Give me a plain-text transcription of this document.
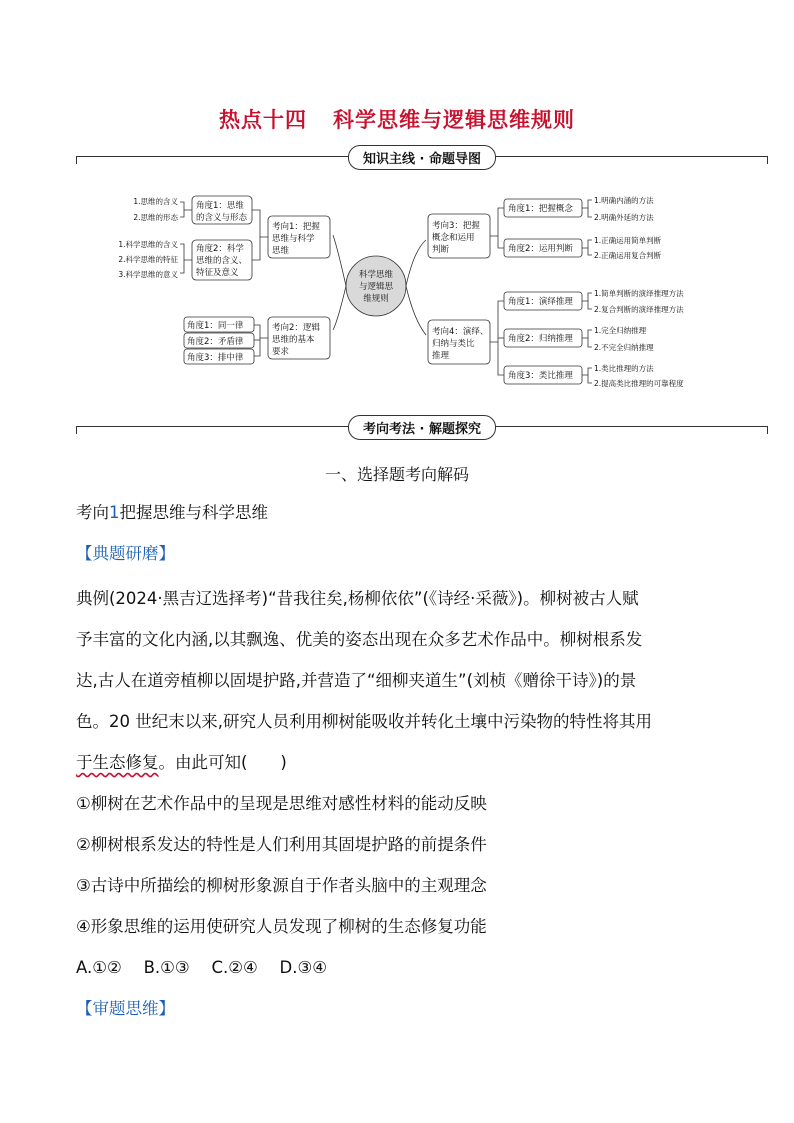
热点十四 科学思维与逻辑思维规则
知识主线 · 命题导图
科学思维
与逻辑思
维规则
考向1：把握
思维与科学
思维
考向2：逻辑
思维的基本
要求
考向3：把握
概念和运用
判断
考向4：演绎、
归纳与类比
推理
角度1：思维
的含义与形态
角度2：科学
思维的含义、
特征及意义
角度1：同一律
角度2：矛盾律
角度3：排中律
角度1：把握概念
角度2：运用判断
角度1：演绎推理
角度2：归纳推理
角度3：类比推理
1.思维的含义
2.思维的形态
1.科学思维的含义
2.科学思维的特征
3.科学思维的意义
1.明确内涵的方法
2.明确外延的方法
1.正确运用简单判断
2.正确运用复合判断
1.简单判断的演绎推理方法
2.复合判断的演绎推理方法
1.完全归纳推理
2.不完全归纳推理
1.类比推理的方法
2.提高类比推理的可靠程度
考向考法 · 解题探究
一、选择题考向解码
考向1把握思维与科学思维
【典题研磨】
典例(2024·黑吉辽选择考)“昔我往矣,杨柳依依”(《诗经·采薇》)。柳树被古人赋
予丰富的文化内涵,以其飘逸、优美的姿态出现在众多艺术作品中。柳树根系发
达,古人在道旁植柳以固堤护路,并营造了“细柳夹道生”(刘桢《赠徐干诗》)的景
色。20 世纪末以来,研究人员利用柳树能吸收并转化土壤中污染物的特性将其用
于生态修复。由此可知(　　)
①柳树在艺术作品中的呈现是思维对感性材料的能动反映
②柳树根系发达的特性是人们利用其固堤护路的前提条件
③古诗中所描绘的柳树形象源自于作者头脑中的主观理念
④形象思维的运用使研究人员发现了柳树的生态修复功能
A.①②　 B.①③　 C.②④　 D.③④
【审题思维】
